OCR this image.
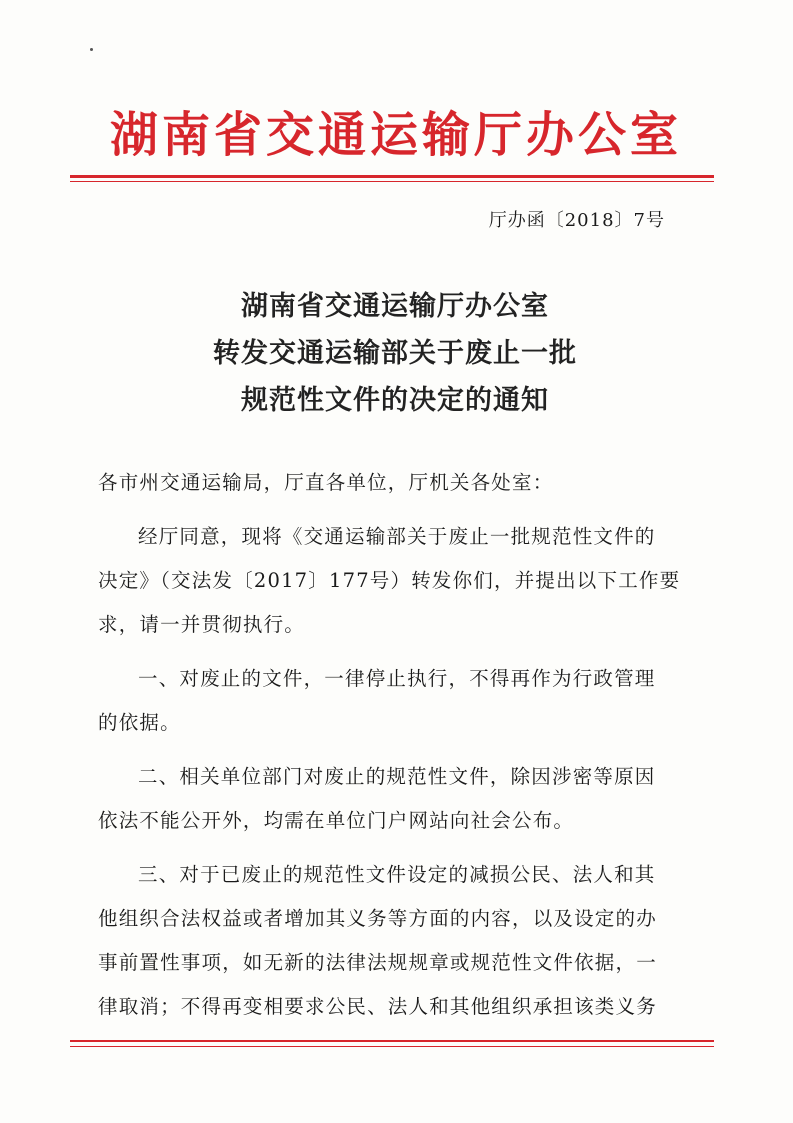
湖南省交通运输厅办公室
厅办函〔2018〕7号
湖南省交通运输厅办公室
转发交通运输部关于废止一批
规范性文件的决定的通知
各市州交通运输局，厅直各单位，厅机关各处室：
经厅同意，现将《交通运输部关于废止一批规范性文件的
决定》（交法发〔2017〕177号）转发你们，并提出以下工作要
求，请一并贯彻执行。
一、对废止的文件，一律停止执行，不得再作为行政管理
的依据。
二、相关单位部门对废止的规范性文件，除因涉密等原因
依法不能公开外，均需在单位门户网站向社会公布。
三、对于已废止的规范性文件设定的减损公民、法人和其
他组织合法权益或者增加其义务等方面的内容，以及设定的办
事前置性事项，如无新的法律法规规章或规范性文件依据，一
律取消；不得再变相要求公民、法人和其他组织承担该类义务
